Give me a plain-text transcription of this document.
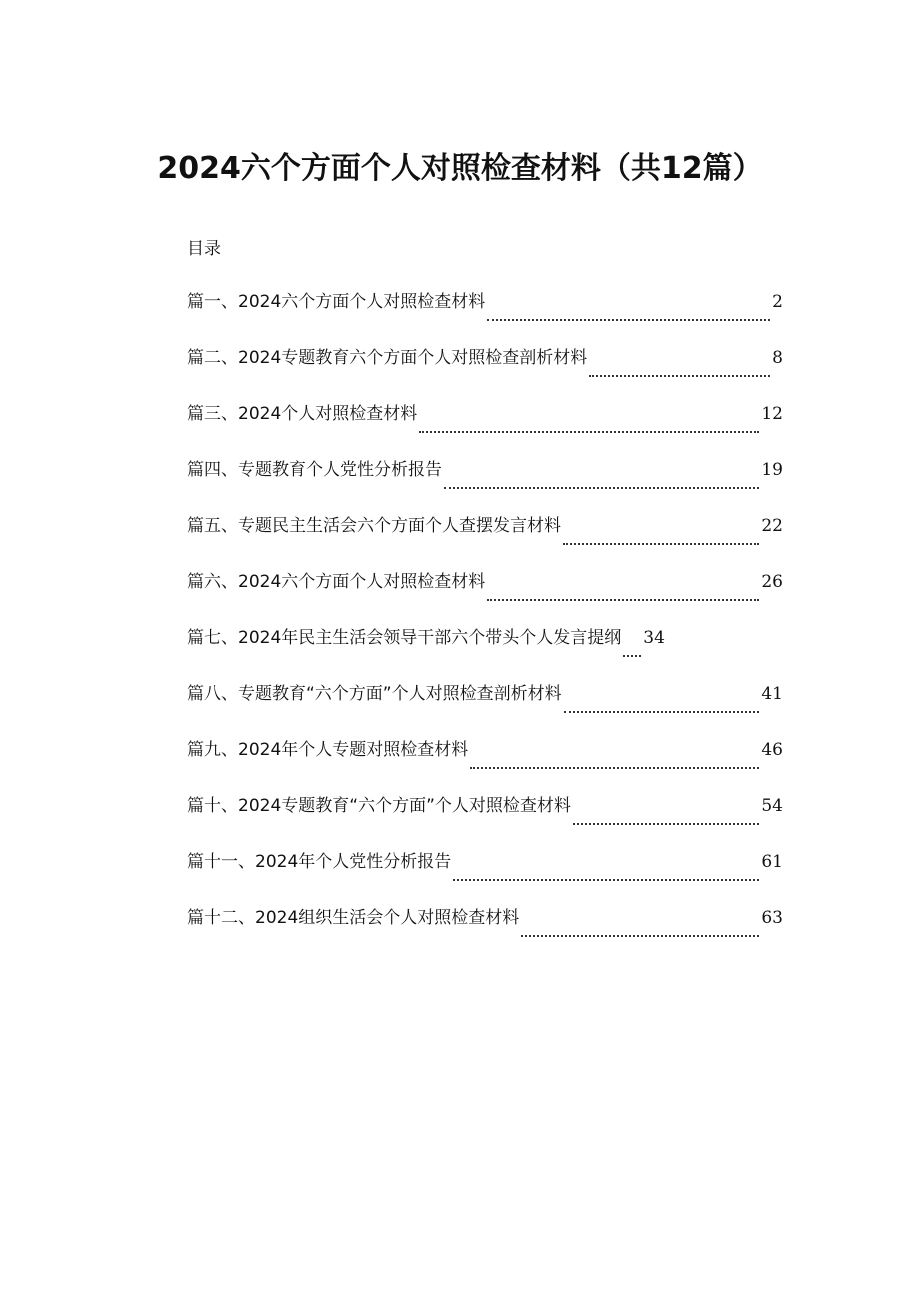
2024六个方面个人对照检查材料（共12篇）
目录
篇一、2024六个方面个人对照检查材料	2
篇二、2024专题教育六个方面个人对照检查剖析材料	8
篇三、2024个人对照检查材料	12
篇四、专题教育个人党性分析报告	19
篇五、专题民主生活会六个方面个人查摆发言材料	22
篇六、2024六个方面个人对照检查材料	26
篇七、2024年民主生活会领导干部六个带头个人发言提纲 34
篇八、专题教育“六个方面”个人对照检查剖析材料	41
篇九、2024年个人专题对照检查材料	46
篇十、2024专题教育“六个方面”个人对照检查材料	54
篇十一、2024年个人党性分析报告	61
篇十二、2024组织生活会个人对照检查材料	63
